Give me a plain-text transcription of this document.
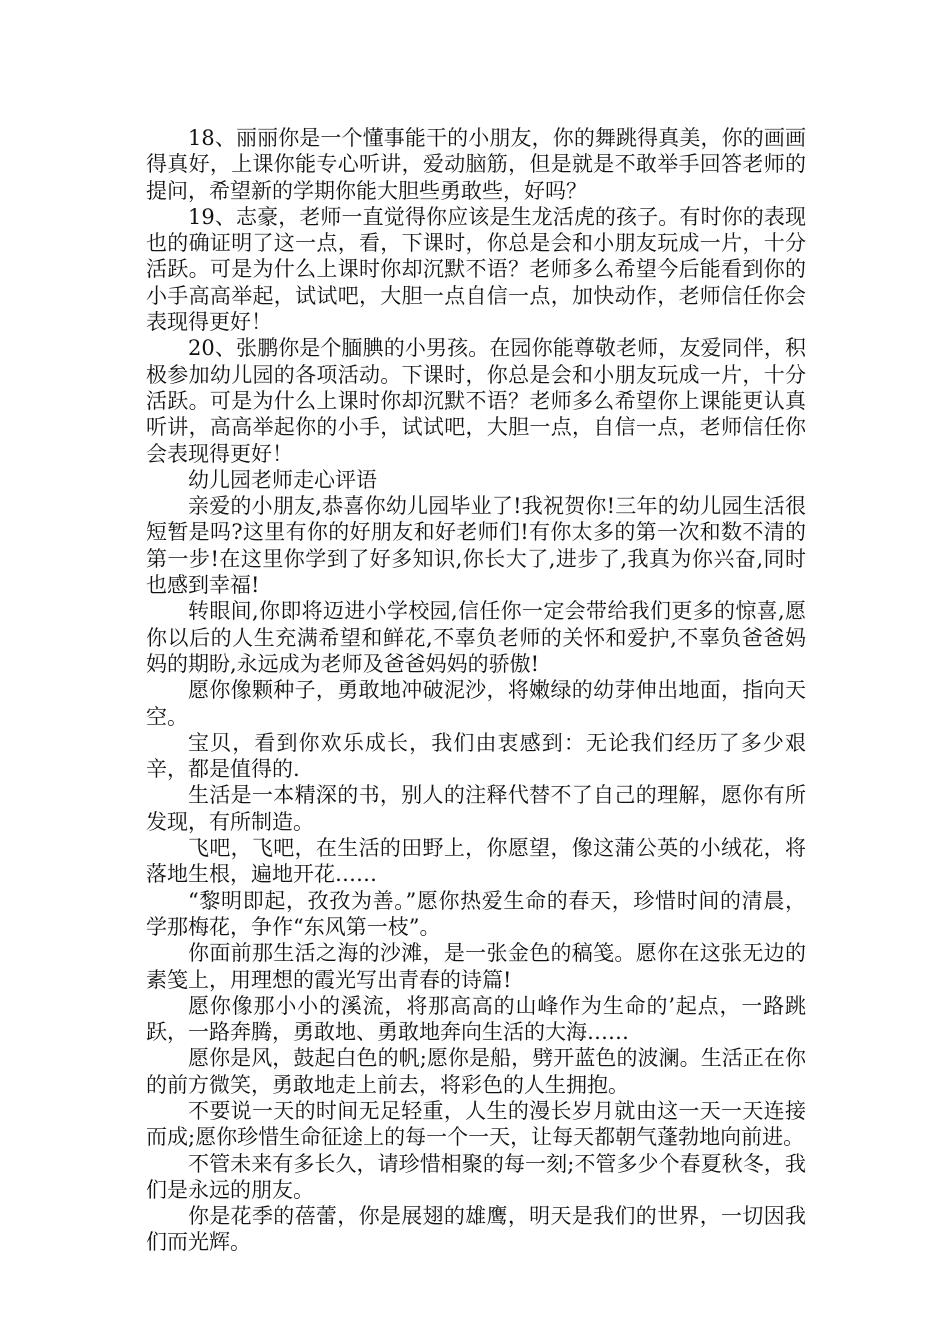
18、丽丽你是一个懂事能干的小朋友，你的舞跳得真美，你的画画得真好，上课你能专心听讲，爱动脑筋，但是就是不敢举手回答老师的提问，希望新的学期你能大胆些勇敢些，好吗？

19、志豪，老师一直觉得你应该是生龙活虎的孩子。有时你的表现也的确证明了这一点，看，下课时，你总是会和小朋友玩成一片，十分活跃。可是为什么上课时你却沉默不语？老师多么希望今后能看到你的小手高高举起，试试吧，大胆一点自信一点，加快动作，老师信任你会表现得更好！

20、张鹏你是个腼腆的小男孩。在园你能尊敬老师，友爱同伴，积极参加幼儿园的各项活动。下课时，你总是会和小朋友玩成一片，十分活跃。可是为什么上课时你却沉默不语？老师多么希望你上课能更认真听讲，高高举起你的小手，试试吧，大胆一点，自信一点，老师信任你会表现得更好！

幼儿园老师走心评语

亲爱的小朋友,恭喜你幼儿园毕业了!我祝贺你!三年的幼儿园生活很短暂是吗?这里有你的好朋友和好老师们!有你太多的第一次和数不清的第一步!在这里你学到了好多知识,你长大了,进步了,我真为你兴奋,同时也感到幸福!

转眼间,你即将迈进小学校园,信任你一定会带给我们更多的惊喜,愿你以后的人生充满希望和鲜花,不辜负老师的关怀和爱护,不辜负爸爸妈妈的期盼,永远成为老师及爸爸妈妈的骄傲!

愿你像颗种子，勇敢地冲破泥沙，将嫩绿的幼芽伸出地面，指向天空。

宝贝，看到你欢乐成长，我们由衷感到：无论我们经历了多少艰辛，都是值得的.

生活是一本精深的书，别人的注释代替不了自己的理解，愿你有所发现，有所制造。

飞吧，飞吧，在生活的田野上，你愿望，像这蒲公英的小绒花，将落地生根，遍地开花……

“黎明即起，孜孜为善。”愿你热爱生命的春天，珍惜时间的清晨，学那梅花，争作“东风第一枝”。

你面前那生活之海的沙滩，是一张金色的稿笺。愿你在这张无边的素笺上，用理想的霞光写出青春的诗篇!

愿你像那小小的溪流，将那高高的山峰作为生命的’起点，一路跳跃，一路奔腾，勇敢地、勇敢地奔向生活的大海……

愿你是风，鼓起白色的帆;愿你是船，劈开蓝色的波澜。生活正在你的前方微笑，勇敢地走上前去，将彩色的人生拥抱。

不要说一天的时间无足轻重，人生的漫长岁月就由这一天一天连接而成;愿你珍惜生命征途上的每一个一天，让每天都朝气蓬勃地向前进。

不管未来有多长久，请珍惜相聚的每一刻;不管多少个春夏秋冬，我们是永远的朋友。

你是花季的蓓蕾，你是展翅的雄鹰，明天是我们的世界，一切因我们而光辉。
